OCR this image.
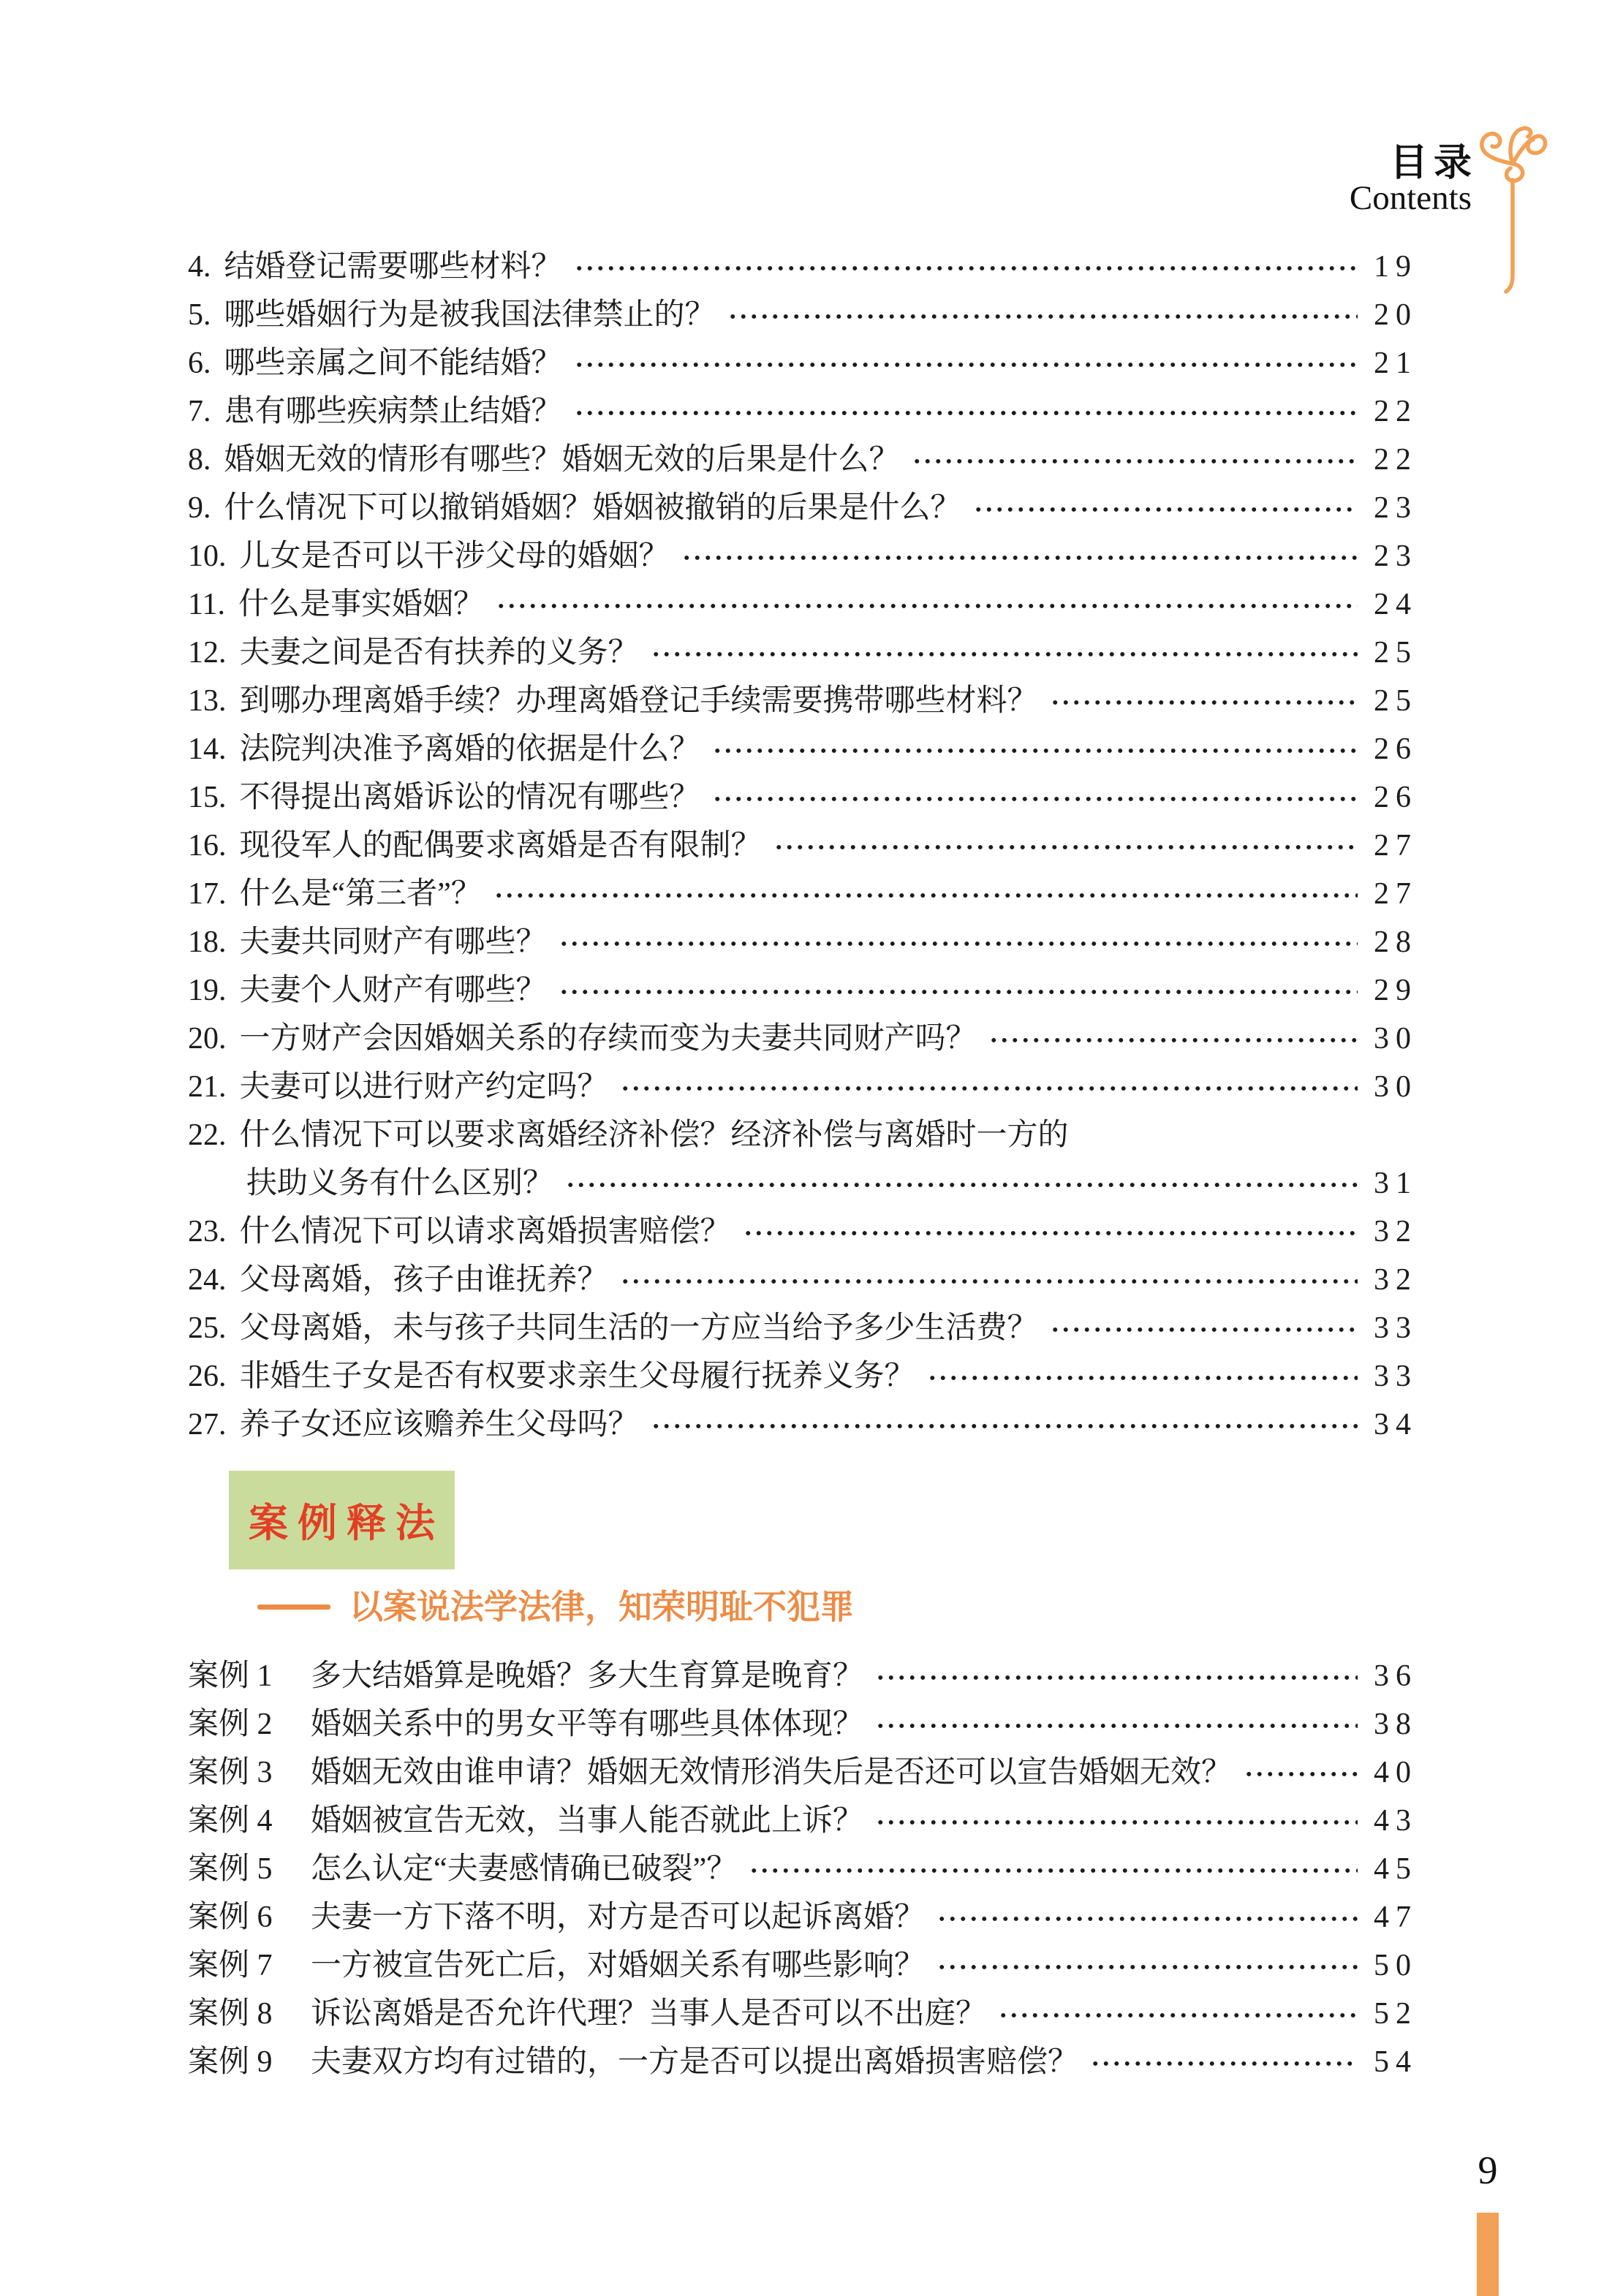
目录
Contents
4. 结婚登记需要哪些材料？	19
5. 哪些婚姻行为是被我国法律禁止的？	20
6. 哪些亲属之间不能结婚？	21
7. 患有哪些疾病禁止结婚？	22
8. 婚姻无效的情形有哪些？婚姻无效的后果是什么？	22
9. 什么情况下可以撤销婚姻？婚姻被撤销的后果是什么？	23
10. 儿女是否可以干涉父母的婚姻？	23
11. 什么是事实婚姻？	24
12. 夫妻之间是否有扶养的义务？	25
13. 到哪办理离婚手续？办理离婚登记手续需要携带哪些材料？	25
14. 法院判决准予离婚的依据是什么？	26
15. 不得提出离婚诉讼的情况有哪些？	26
16. 现役军人的配偶要求离婚是否有限制？	27
17. 什么是“第三者”？	27
18. 夫妻共同财产有哪些？	28
19. 夫妻个人财产有哪些？	29
20. 一方财产会因婚姻关系的存续而变为夫妻共同财产吗？	30
21. 夫妻可以进行财产约定吗？	30
22. 什么情况下可以要求离婚经济补偿？经济补偿与离婚时一方的
扶助义务有什么区别？	31
23. 什么情况下可以请求离婚损害赔偿？	32
24. 父母离婚，孩子由谁抚养？	32
25. 父母离婚，未与孩子共同生活的一方应当给予多少生活费？	33
26. 非婚生子女是否有权要求亲生父母履行抚养义务？	33
27. 养子女还应该赡养生父母吗？	34
案例释法
以案说法学法律，知荣明耻不犯罪
案例 1	多大结婚算是晚婚？多大生育算是晚育？	36
案例 2	婚姻关系中的男女平等有哪些具体体现？	38
案例 3	婚姻无效由谁申请？婚姻无效情形消失后是否还可以宣告婚姻无效？	40
案例 4	婚姻被宣告无效，当事人能否就此上诉？	43
案例 5	怎么认定“夫妻感情确已破裂”？	45
案例 6	夫妻一方下落不明，对方是否可以起诉离婚？	47
案例 7	一方被宣告死亡后，对婚姻关系有哪些影响？	50
案例 8	诉讼离婚是否允许代理？当事人是否可以不出庭？	52
案例 9	夫妻双方均有过错的，一方是否可以提出离婚损害赔偿？	54
9
